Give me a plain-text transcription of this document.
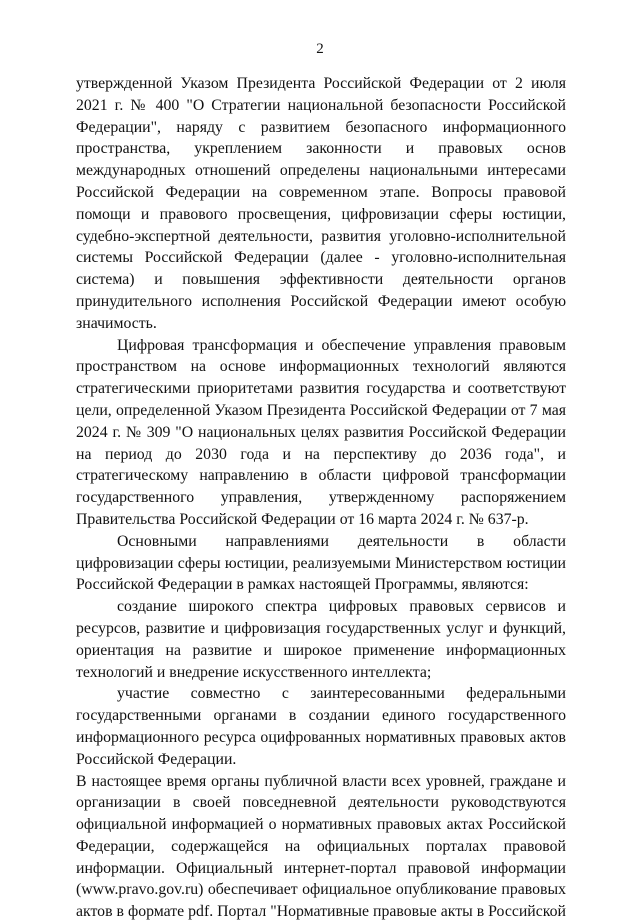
2

утвержденной Указом Президента Российской Федерации от 2 июля 2021 г. № 400 "О Стратегии национальной безопасности Российской Федерации", наряду с развитием безопасного информационного пространства, укреплением законности и правовых основ международных отношений определены национальными интересами Российской Федерации на современном этапе. Вопросы правовой помощи и правового просвещения, цифровизации сферы юстиции, судебно-экспертной деятельности, развития уголовно-исполнительной системы Российской Федерации (далее - уголовно-исполнительная система) и повышения эффективности деятельности органов принудительного исполнения Российской Федерации имеют особую значимость.

Цифровая трансформация и обеспечение управления правовым пространством на основе информационных технологий являются стратегическими приоритетами развития государства и соответствуют цели, определенной Указом Президента Российской Федерации от 7 мая 2024 г. № 309 "О национальных целях развития Российской Федерации на период до 2030 года и на перспективу до 2036 года", и стратегическому направлению в области цифровой трансформации государственного управления, утвержденному распоряжением Правительства Российской Федерации от 16 марта 2024 г. № 637-р.

Основными направлениями деятельности в области цифровизации сферы юстиции, реализуемыми Министерством юстиции Российской Федерации в рамках настоящей Программы, являются:

создание широкого спектра цифровых правовых сервисов и ресурсов, развитие и цифровизация государственных услуг и функций, ориентация на развитие и широкое применение информационных технологий и внедрение искусственного интеллекта;

участие совместно с заинтересованными федеральными государственными органами в создании единого государственного информационного ресурса оцифрованных нормативных правовых актов Российской Федерации.

В настоящее время органы публичной власти всех уровней, граждане и организации в своей повседневной деятельности руководствуются официальной информацией о нормативных правовых актах Российской Федерации, содержащейся на официальных порталах правовой информации. Официальный интернет-портал правовой информации (www.pravo.gov.ru) обеспечивает официальное опубликование правовых актов в формате pdf. Портал "Нормативные правовые акты в Российской
